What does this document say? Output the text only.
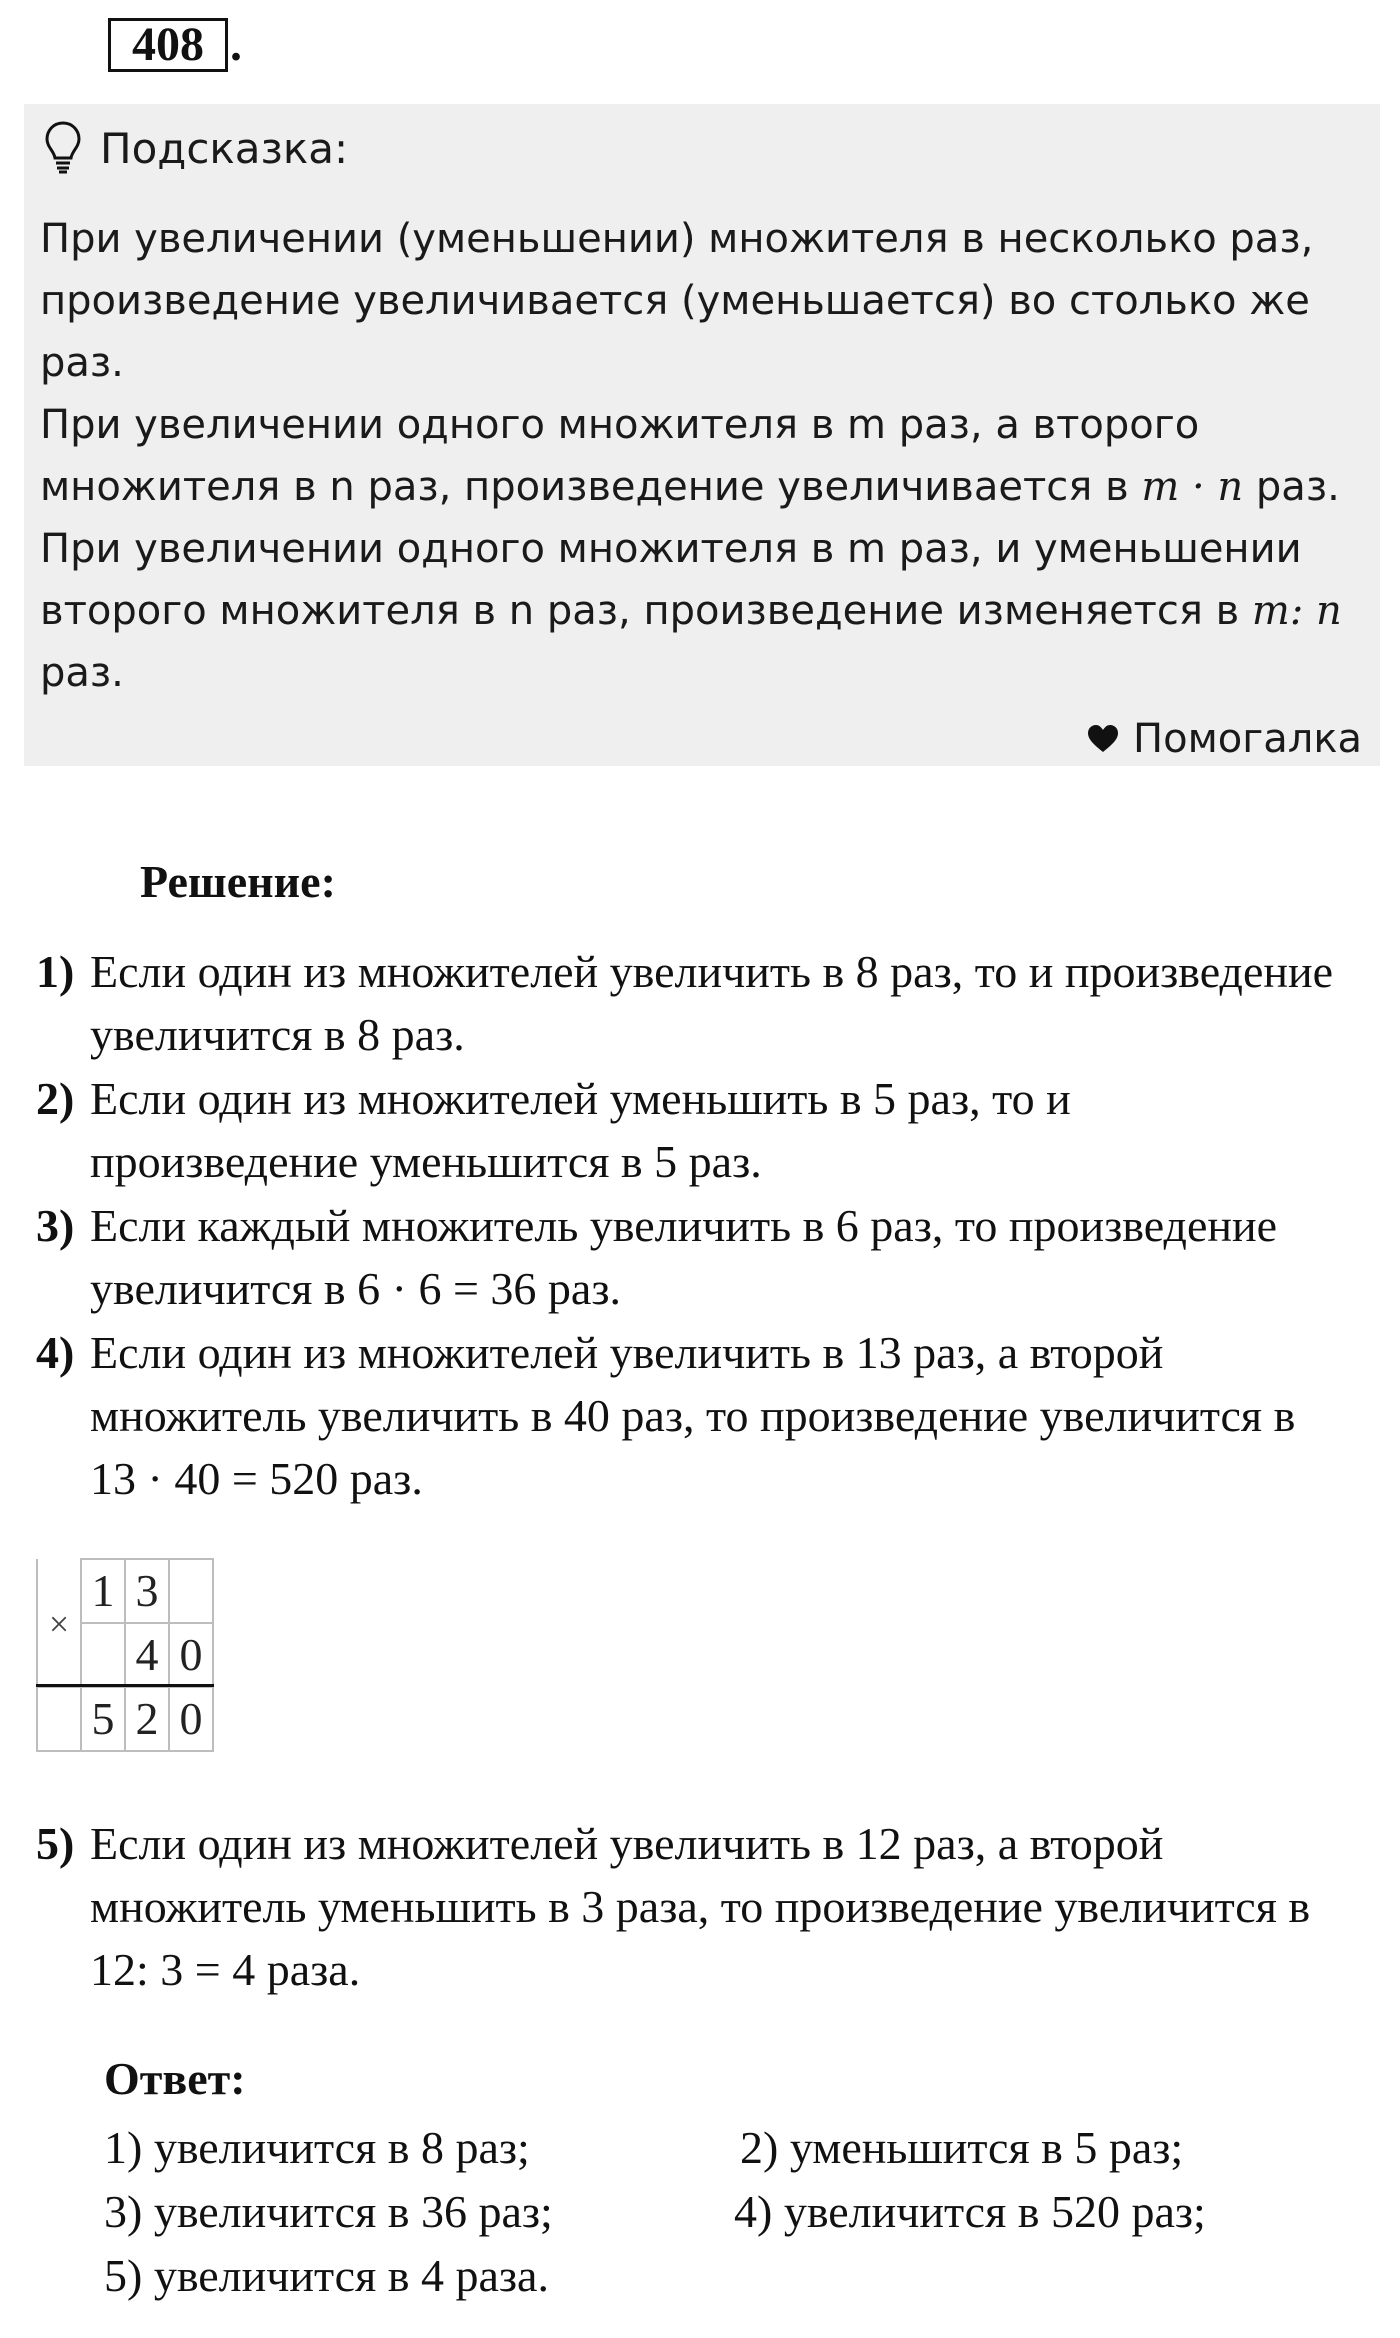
408 .
Подсказка:

При увеличении (уменьшении) множителя в несколько раз, произведение увеличивается (уменьшается) во столько же раз.

При увеличении одного множителя в m раз, а второго множителя в n раз, произведение увеличивается в 𝑚 · 𝑛 раз.

При увеличении одного множителя в m раз, и уменьшении второго множителя в n раз, произведение изменяется в 𝑚: 𝑛 раз.

Помогалка
Решение:
1) Если один из множителей увеличить в 8 раз, то и произведение увеличится в 8 раз.
2) Если один из множителей уменьшить в 5 раз, то и произведение уменьшится в 5 раз.
3) Если каждый множитель увеличить в 6 раз, то произведение увеличится в 6 · 6 = 36 раз.
4) Если один из множителей увеличить в 13 раз, а второй множитель увеличить в 40 раз, то произведение увеличится в 13 · 40 = 520 раз.
×	1	3	
		4	0
	5	2	0
5) Если один из множителей увеличить в 12 раз, а второй множитель уменьшить в 3 раза, то произведение увеличится в 12: 3 = 4 раза.
Ответ:
1) увеличится в 8 раз;	2) уменьшится в 5 раз;
3) увеличится в 36 раз;	4) увеличится в 520 раз;
5) увеличится в 4 раза.
